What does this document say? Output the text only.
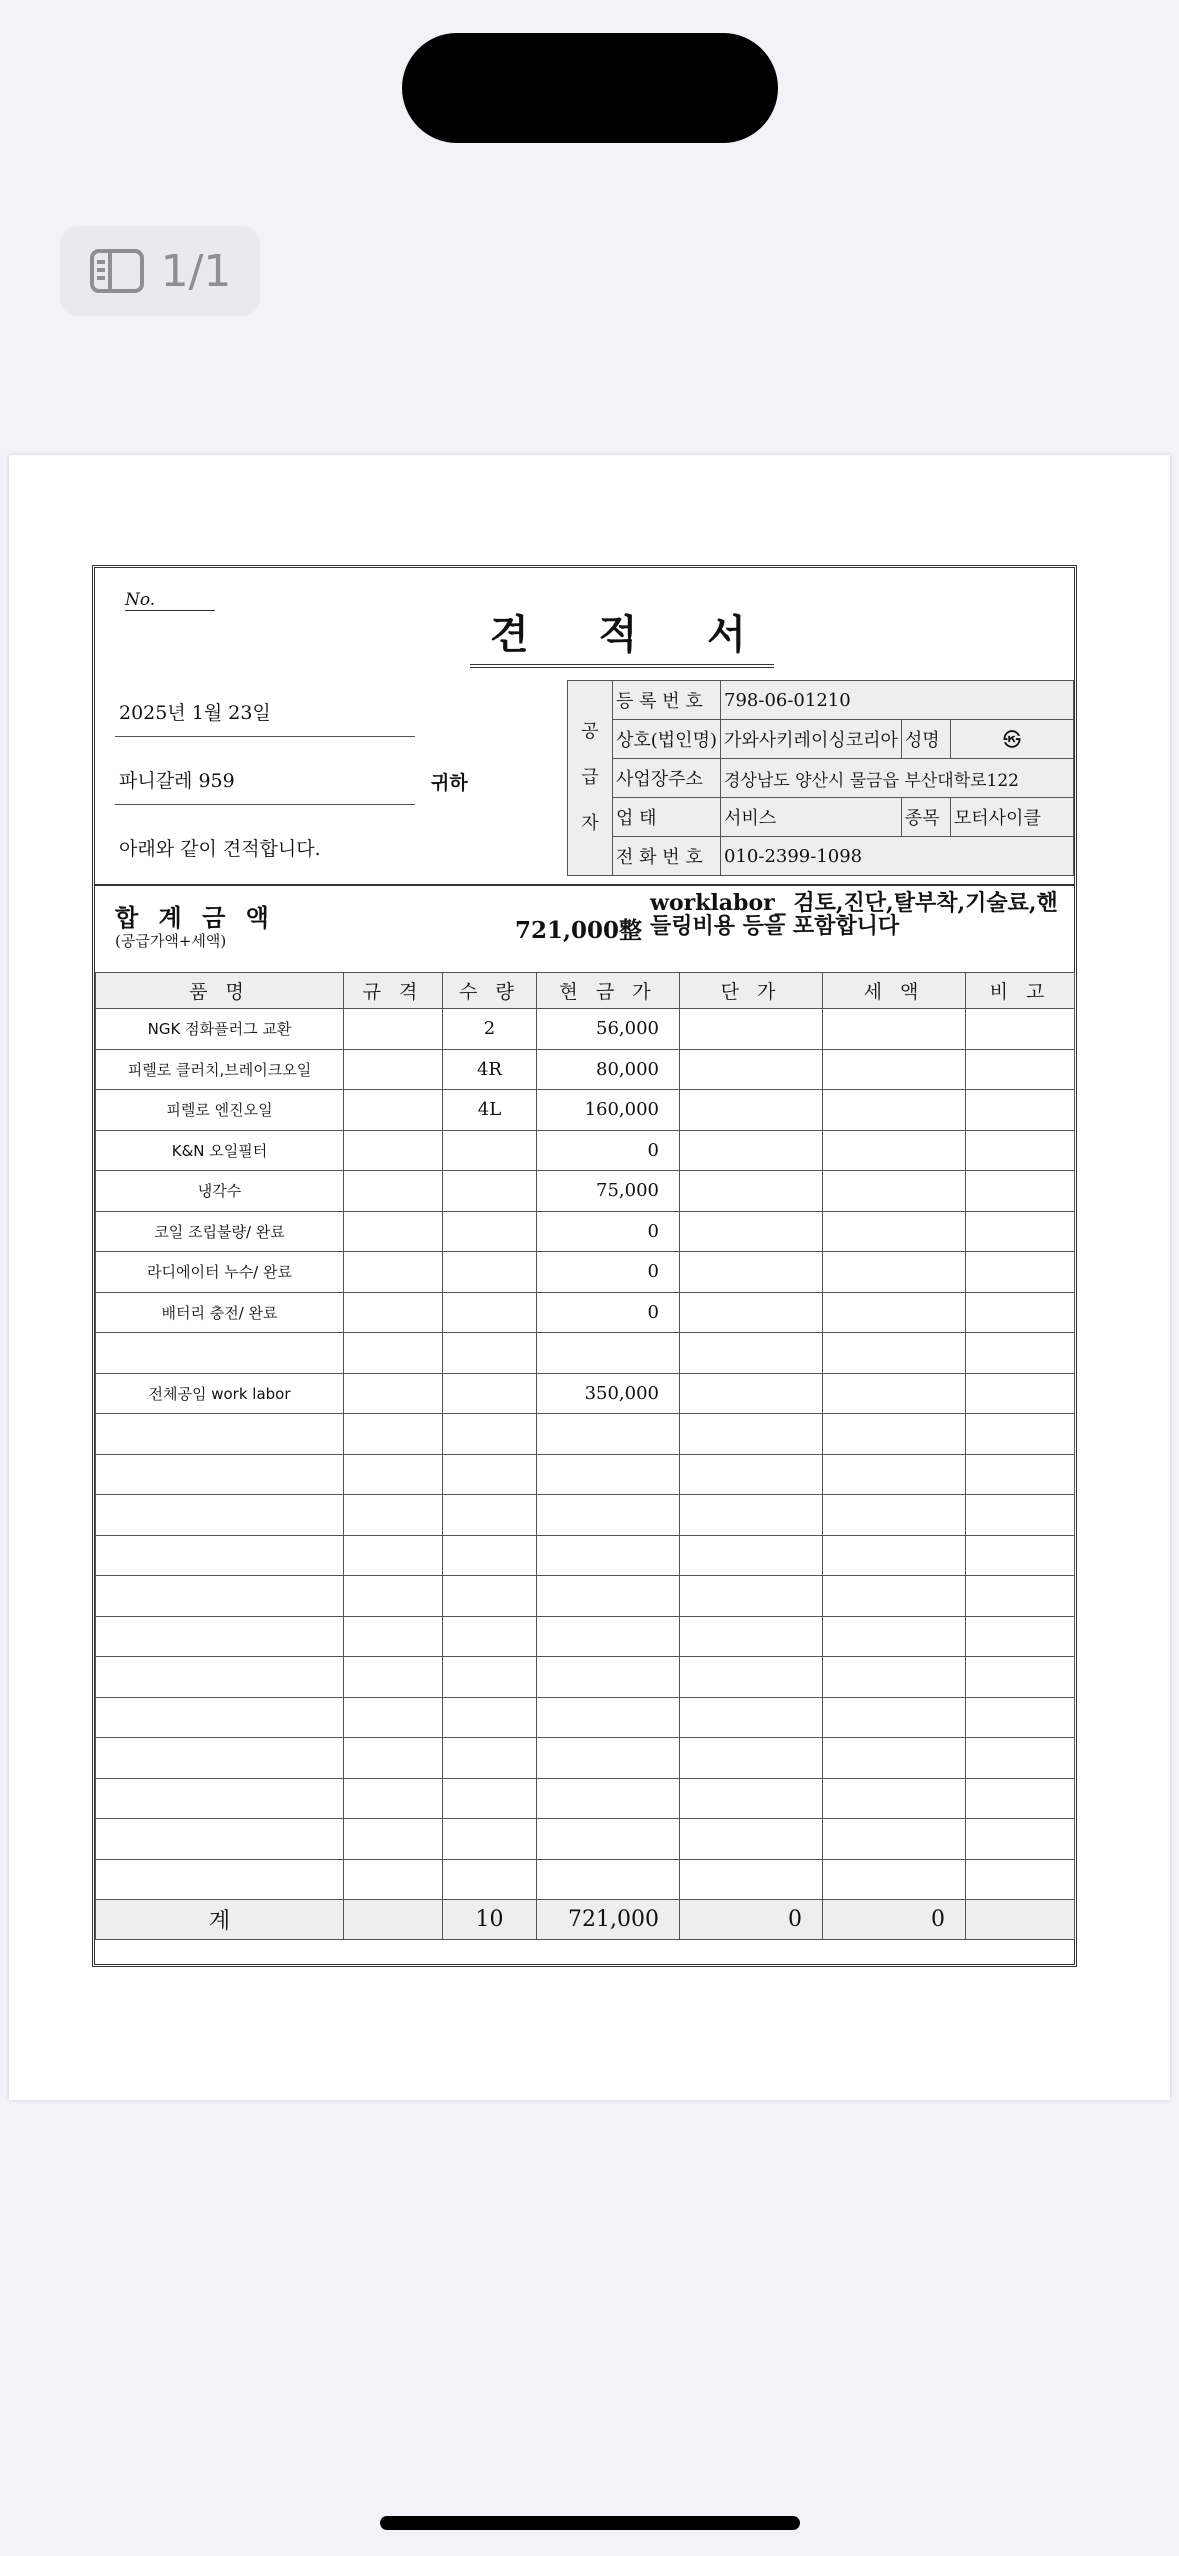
1/1
No.
견 적 서
2025년 1월 23일
파니갈레 959	귀하
아래와 같이 견적합니다.
공
급
자	등 록 번 호	798-06-01210		
	상호(법인명)	가와사키레이싱코리아	성명	㉿
	사업장주소	경상남도 양산시 물금읍 부산대학로122		
	업 태	서비스	종목	모터사이클
	전 화 번 호	010-2399-1098		
합 계 금 액
(공급가액+세액)	721,000整
worklabor_ 검토,진단,탈부착,기술료,핸들링비용 등을 포함합니다
품 명	규 격	수 량	현 금 가	단 가	세 액	비 고
NGK 점화플러그 교환		2	56,000			
피렐로 클러치,브레이크오일		4R	80,000			
피렐로 엔진오일		4L	160,000			
K&N 오일필터			0			
냉각수			75,000			
코일 조립불량/ 완료			0			
라디에이터 누수/ 완료			0			
배터리 충전/ 완료			0			

전체공임 work labor			350,000			

계		10	721,000	0	0	
